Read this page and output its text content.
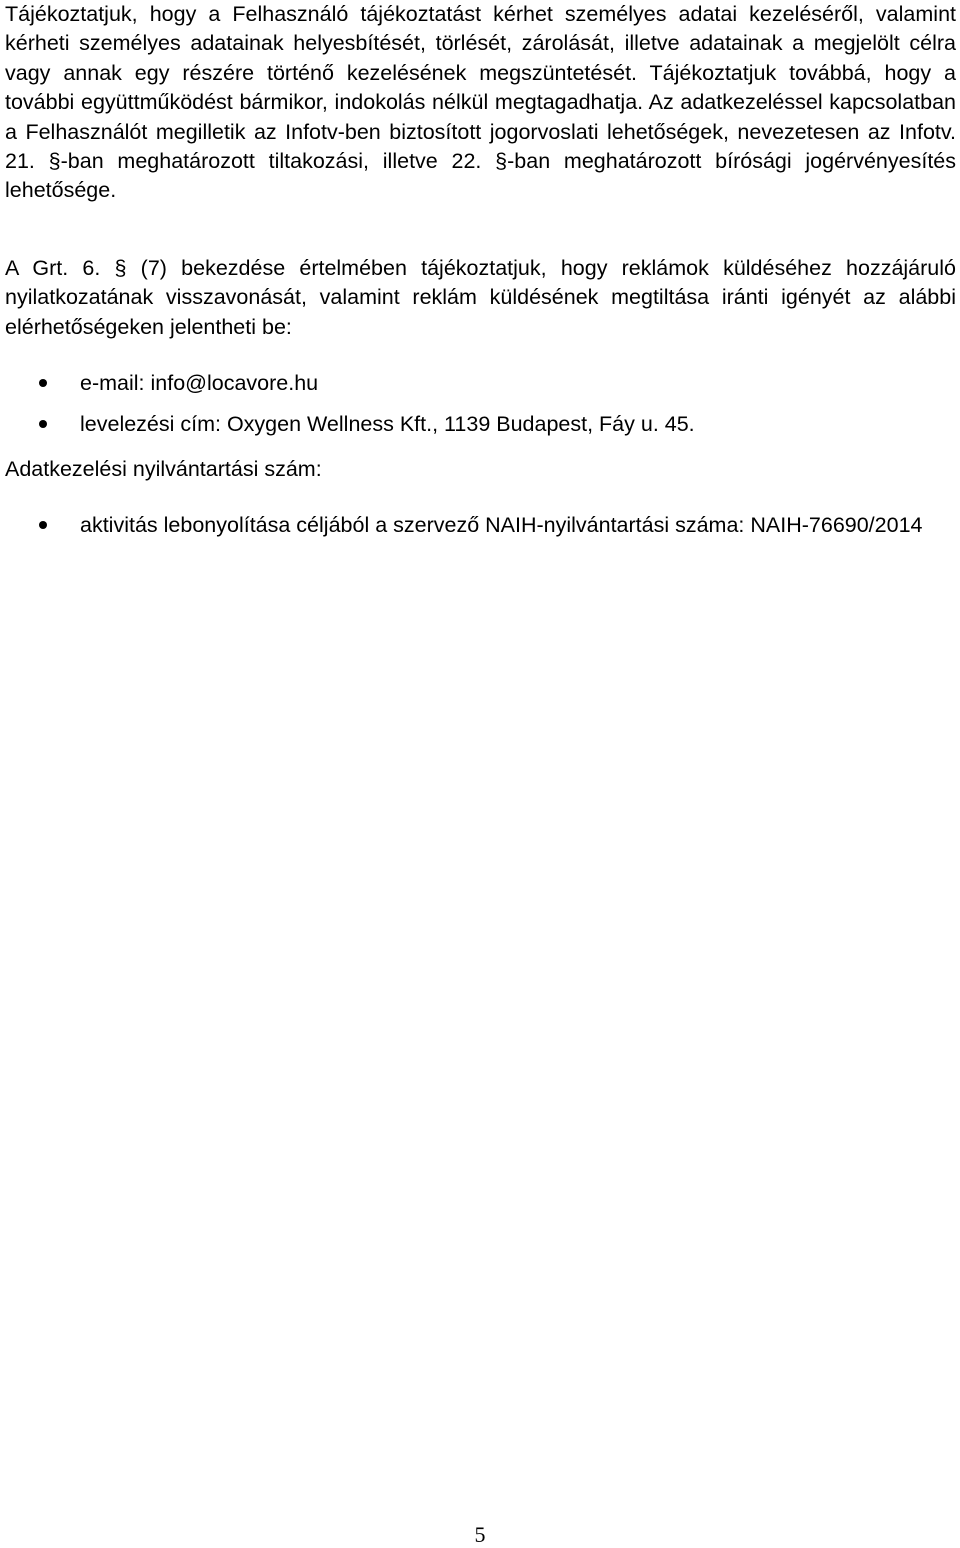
Tájékoztatjuk, hogy a Felhasználó tájékoztatást kérhet személyes adatai kezeléséről, valamint kérheti személyes adatainak helyesbítését, törlését, zárolását, illetve adatainak a megjelölt célra vagy annak egy részére történő kezelésének megszüntetését. Tájékoztatjuk továbbá, hogy a további együttműködést bármikor, indokolás nélkül megtagadhatja. Az adatkezeléssel kapcsolatban a Felhasználót megilletik az Infotv-ben biztosított jogorvoslati lehetőségek, nevezetesen az Infotv. 21. §-ban meghatározott tiltakozási, illetve 22. §-ban meghatározott bírósági jogérvényesítés lehetősége.

A Grt. 6. § (7) bekezdése értelmében tájékoztatjuk, hogy reklámok küldéséhez hozzájáruló nyilatkozatának visszavonását, valamint reklám küldésének megtiltása iránti igényét az alábbi elérhetőségeken jelentheti be:

e-mail: info@locavore.hu
levelezési cím: Oxygen Wellness Kft., 1139 Budapest, Fáy u. 45.

Adatkezelési nyilvántartási szám:

aktivitás lebonyolítása céljából a szervező NAIH-nyilvántartási száma: NAIH-76690/2014
5
